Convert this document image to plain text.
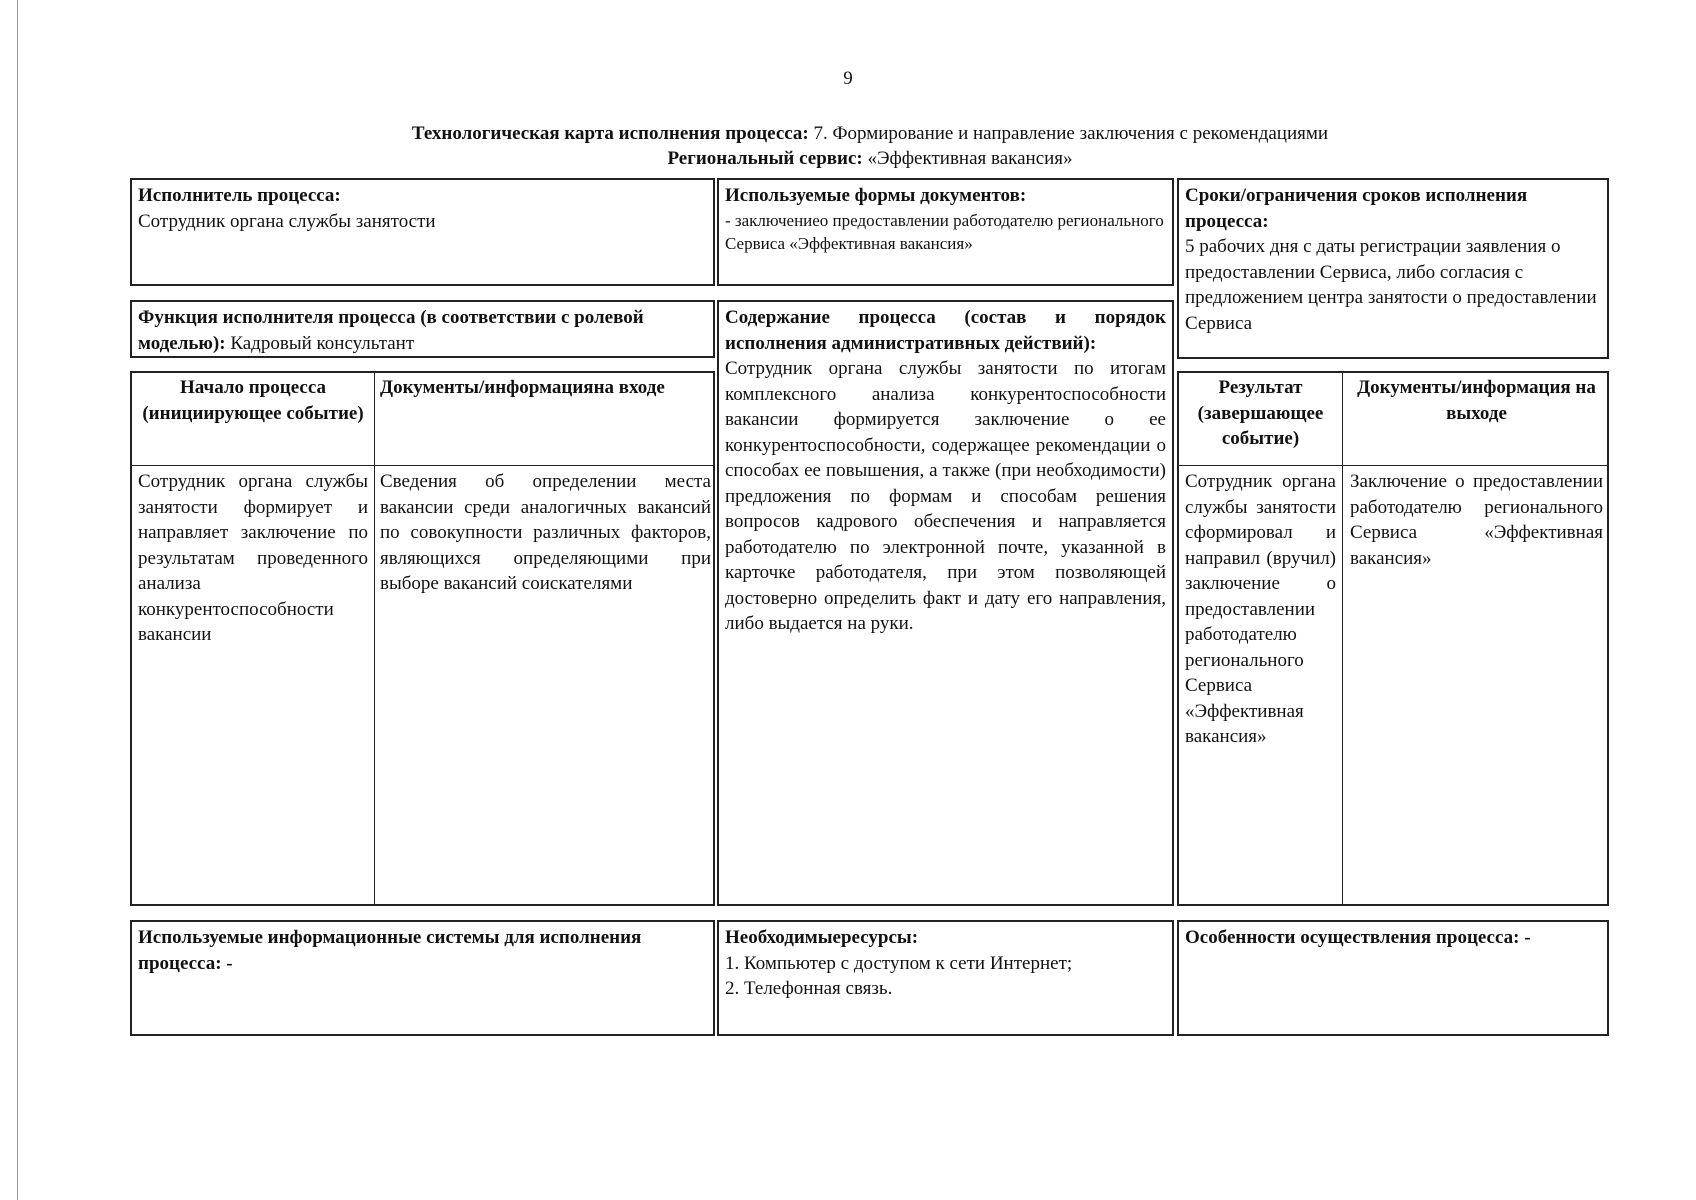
9
Технологическая карта исполнения процесса: 7. Формирование и направление заключения с рекомендациями
Региональный сервис: «Эффективная вакансия»
Исполнитель процесса:
Сотрудник органа службы занятости
Используемые формы документов:
- заключениео предоставлении работодателю регионального Сервиса «Эффективная вакансия»
Сроки/ограничения сроков исполнения процесса:
5 рабочих дня с даты регистрации заявления о предоставлении Сервиса, либо согласия с предложением центра занятости о предоставлении Сервиса
Функция исполнителя процесса (в соответствии с ролевой моделью): Кадровый консультант
Содержание процесса (состав и порядок исполнения административных действий):
Сотрудник органа службы занятости по итогам комплексного анализа конкурентоспособности вакансии формируется заключение о ее конкурентоспособности, содержащее рекомендации о способах ее повышения, а также (при необходимости) предложения по формам и способам решения вопросов кадрового обеспечения и направляется работодателю по электронной почте, указанной в карточке работодателя, при этом позволяющей достоверно определить факт и дату его направления, либо выдается на руки.
Начало процесса (инициирующее событие)
Документы/информацияна входе
Сотрудник органа службы занятости формирует и направляет заключение по результатам проведенного анализа конкурентоспособности вакансии
Сведения об определении места вакансии среди аналогичных вакансий по совокупности различных факторов, являющихся определяющими при выборе вакансий соискателями
Результат (завершающее событие)
Документы/информация на выходе
Сотрудник органа службы занятости сформировал и направил (вручил) заключение о предоставлении работодателю регионального Сервиса «Эффективная вакансия»
Заключение о предоставлении работодателю регионального Сервиса «Эффективная вакансия»
Используемые информационные системы для исполнения процесса: -
Необходимыересурсы:
1. Компьютер с доступом к сети Интернет;
2. Телефонная связь.
Особенности осуществления процесса: -
